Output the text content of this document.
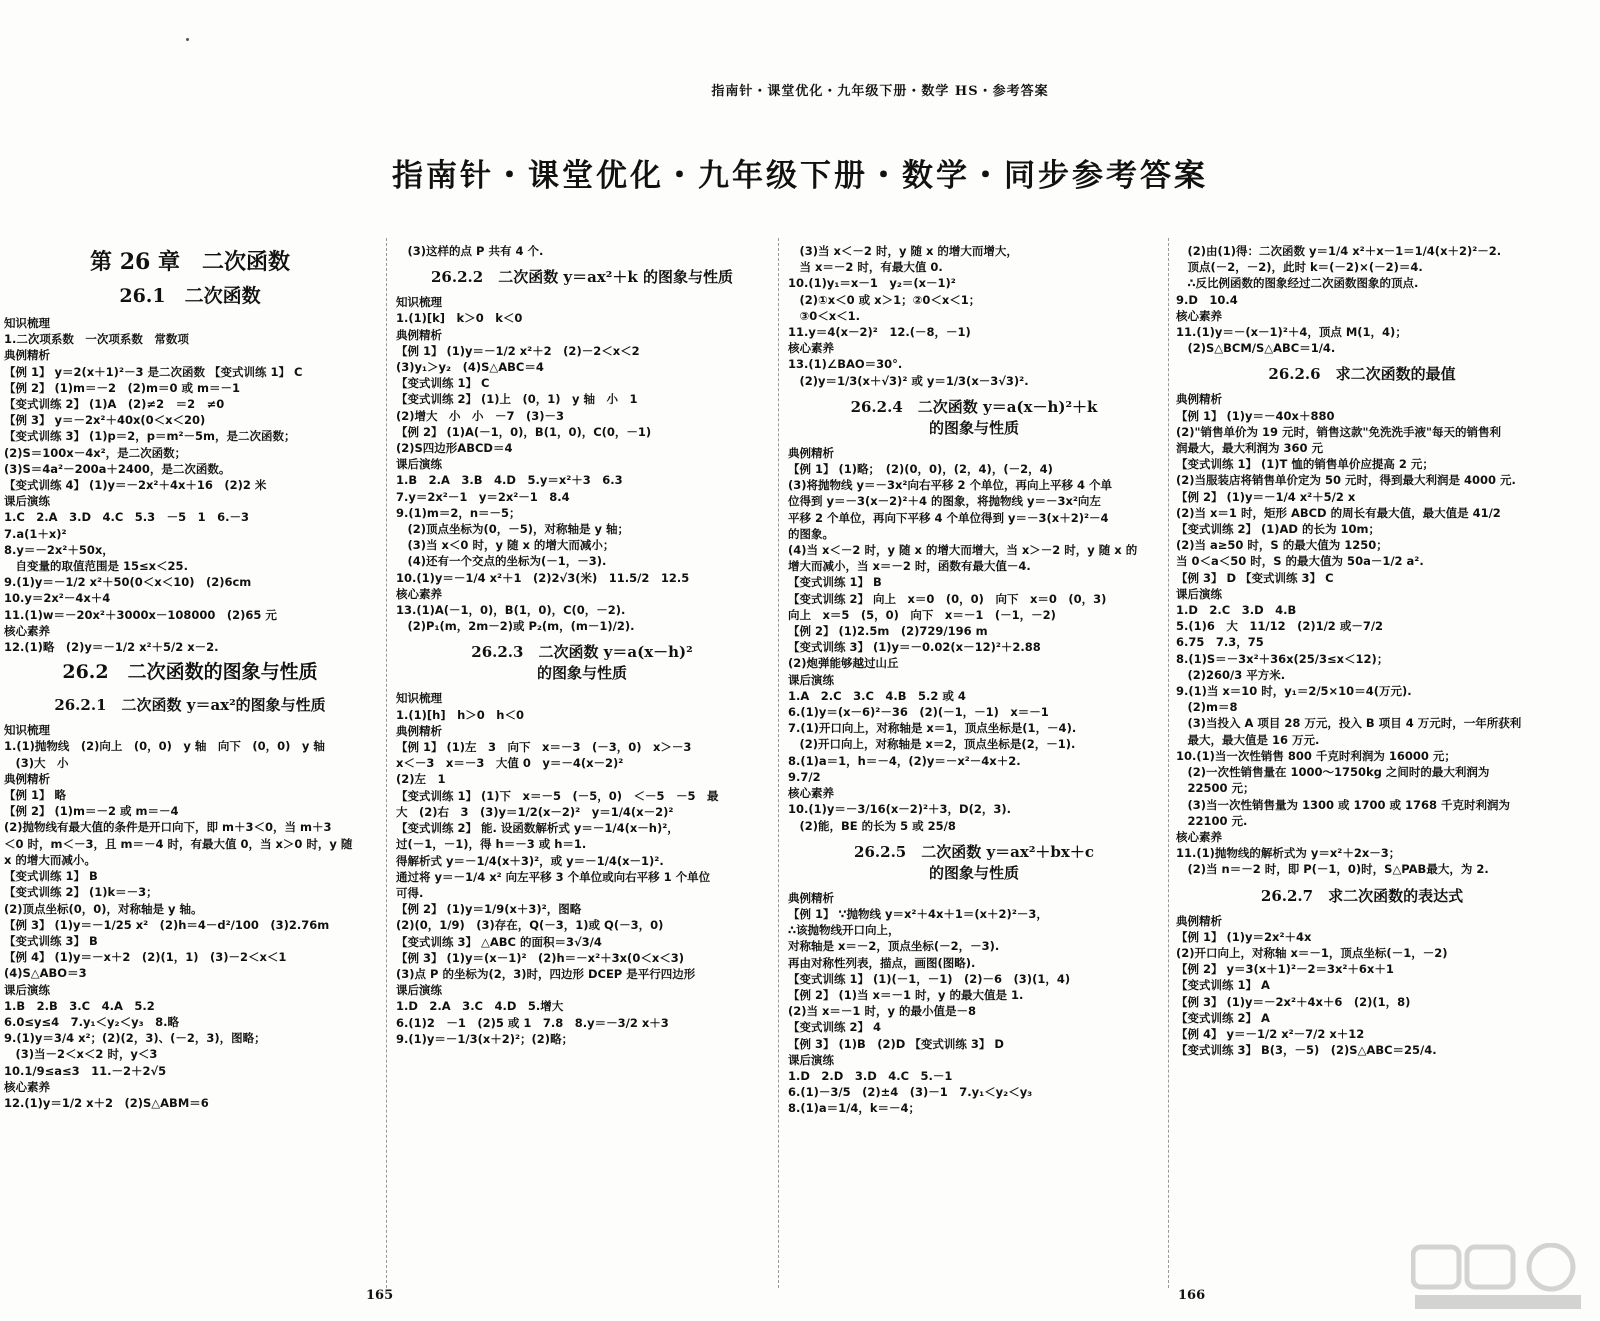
指南针・课堂优化・九年级下册・数学 HS・参考答案
指南针・课堂优化・九年级下册・数学・同步参考答案
第 26 章　二次函数
26.1　二次函数
知识梳理
1.二次项系数　一次项系数　常数项
典例精析
【例 1】 y＝2(x＋1)²－3 是二次函数 【变式训练 1】 C
【例 2】 (1)m＝－2　(2)m＝0 或 m＝－1
【变式训练 2】 (1)A　(2)≠2　＝2　≠0
【例 3】 y＝－2x²＋40x(0＜x＜20)
【变式训练 3】 (1)p＝2，p＝m²－5m，是二次函数；
(2)S＝100x－4x²，是二次函数；
(3)S＝4a²－200a＋2400，是二次函数。
【变式训练 4】 (1)y＝－2x²＋4x＋16　(2)2 米
课后演练
1.C　2.A　3.D　4.C　5.3　－5　1　6.－3
7.a(1＋x)²
8.y＝－2x²＋50x，
　自变量的取值范围是 15≤x＜25.
9.(1)y＝－1/2 x²＋50(0＜x＜10)　(2)6cm
10.y＝2x²－4x＋4
11.(1)w＝－20x²＋3000x－108000　(2)65 元
核心素养
12.(1)略　(2)y＝－1/2 x²＋5/2 x－2.
26.2　二次函数的图象与性质
26.2.1　二次函数 y＝ax²的图象与性质
知识梳理
1.(1)抛物线　(2)向上　(0，0)　y 轴　向下　(0，0)　y 轴
　(3)大　小
典例精析
【例 1】 略
【例 2】 (1)m＝－2 或 m＝－4
(2)抛物线有最大值的条件是开口向下，即 m＋3＜0，当 m＋3
＜0 时，m＜－3，且 m＝－4 时，有最大值 0，当 x＞0 时，y 随
x 的增大而减小。
【变式训练 1】 B
【变式训练 2】 (1)k＝－3；
(2)顶点坐标(0，0)，对称轴是 y 轴。
【例 3】 (1)y＝－1/25 x²　(2)h＝4－d²/100　(3)2.76m
【变式训练 3】 B
【例 4】 (1)y＝－x＋2　(2)(1，1)　(3)－2＜x＜1
(4)S△ABO＝3
课后演练
1.B　2.B　3.C　4.A　5.2
6.0≤y≤4　7.y₁＜y₂＜y₃　8.略
9.(1)y＝3/4 x²；(2)(2，3)、(－2，3)，图略；
　(3)当－2＜x＜2 时，y＜3
10.1/9≤a≤3　11.－2＋2√5
核心素养
12.(1)y＝1/2 x＋2　(2)S△ABM＝6
　(3)这样的点 P 共有 4 个.
26.2.2　二次函数 y＝ax²＋k 的图象与性质
知识梳理
1.(1)[k]　k＞0　k＜0
典例精析
【例 1】 (1)y＝－1/2 x²＋2　(2)－2＜x＜2
(3)y₁＞y₂　(4)S△ABC＝4
【变式训练 1】 C
【变式训练 2】 (1)上　(0，1)　y 轴　小　1
(2)增大　小　小　－7　(3)－3
【例 2】 (1)A(－1，0)，B(1，0)，C(0，－1)
(2)S四边形ABCD＝4
课后演练
1.B　2.A　3.B　4.D　5.y＝x²＋3　6.3
7.y＝2x²－1　y＝2x²－1　8.4
9.(1)m＝2，n＝－5；
　(2)顶点坐标为(0，－5)，对称轴是 y 轴；
　(3)当 x＜0 时，y 随 x 的增大而减小；
　(4)还有一个交点的坐标为(－1，－3).
10.(1)y＝－1/4 x²＋1　(2)2√3(米)　11.5/2　12.5
核心素养
13.(1)A(－1，0)，B(1，0)，C(0，－2).
　(2)P₁(m，2m－2)或 P₂(m，(m－1)/2).
26.2.3　二次函数 y＝a(x－h)²
的图象与性质
知识梳理
1.(1)[h]　h＞0　h＜0
典例精析
【例 1】 (1)左　3　向下　x＝－3　(－3，0)　x＞－3
x＜－3　x＝－3　大值 0　y＝－4(x－2)²
(2)左　1
【变式训练 1】 (1)下　x＝－5　(－5，0)　＜－5　－5　最
大　(2)右　3　(3)y＝1/2(x－2)²　y＝1/4(x－2)²
【变式训练 2】 能. 设函数解析式 y＝－1/4(x－h)²，
过(－1，－1)，得 h＝－3 或 h＝1.
得解析式 y＝－1/4(x＋3)²，或 y＝－1/4(x－1)².
通过将 y＝－1/4 x² 向左平移 3 个单位或向右平移 1 个单位
可得.
【例 2】 (1)y＝1/9(x＋3)²，图略
(2)(0，1/9)　(3)存在，Q(－3，1)或 Q(－3，0)
【变式训练 3】 △ABC 的面积＝3√3/4
【例 3】 (1)y＝(x－1)²　(2)h＝－x²＋3x(0＜x＜3)
(3)点 P 的坐标为(2，3)时，四边形 DCEP 是平行四边形
课后演练
1.D　2.A　3.C　4.D　5.增大
6.(1)2　－1　(2)5 或 1　7.8　8.y＝－3/2 x＋3
9.(1)y＝－1/3(x＋2)²；(2)略；
　(3)当 x＜－2 时，y 随 x 的增大而增大，
　当 x＝－2 时，有最大值 0.
10.(1)y₁＝x－1　y₂＝(x－1)²
　(2)①x＜0 或 x＞1；②0＜x＜1；
　③0＜x＜1.
11.y＝4(x－2)²　12.(－8，－1)
核心素养
13.(1)∠BAO＝30°.
　(2)y＝1/3(x＋√3)² 或 y＝1/3(x－3√3)².
26.2.4　二次函数 y＝a(x－h)²＋k
的图象与性质
典例精析
【例 1】 (1)略；　(2)(0，0)，(2，4)，(－2，4)
(3)将抛物线 y＝－3x²向右平移 2 个单位，再向上平移 4 个单
位得到 y＝－3(x－2)²＋4 的图象，将抛物线 y＝－3x²向左
平移 2 个单位，再向下平移 4 个单位得到 y＝－3(x＋2)²－4
的图象。
(4)当 x＜－2 时，y 随 x 的增大而增大，当 x＞－2 时，y 随 x 的
增大而减小，当 x＝－2 时，函数有最大值－4.
【变式训练 1】 B
【变式训练 2】 向上　x＝0　(0，0)　向下　x＝0　(0，3)
向上　x＝5　(5，0)　向下　x＝－1　(－1，－2)
【例 2】 (1)2.5m　(2)729/196 m
【变式训练 3】 (1)y＝－0.02(x－12)²＋2.88
(2)炮弹能够越过山丘
课后演练
1.A　2.C　3.C　4.B　5.2 或 4
6.(1)y＝(x－6)²－36　(2)(－1，－1)　x＝－1
7.(1)开口向上，对称轴是 x＝1，顶点坐标是(1，－4).
　(2)开口向上，对称轴是 x＝2，顶点坐标是(2，－1).
8.(1)a＝1，h＝－4，(2)y＝－x²－4x＋2.
9.7/2
核心素养
10.(1)y＝－3/16(x－2)²＋3，D(2，3).
　(2)能，BE 的长为 5 或 25/8
26.2.5　二次函数 y＝ax²＋bx＋c
的图象与性质
典例精析
【例 1】 ∵抛物线 y＝x²＋4x＋1＝(x＋2)²－3，
∴该抛物线开口向上，
对称轴是 x＝－2，顶点坐标(－2，－3).
再由对称性列表，描点，画图(图略).
【变式训练 1】 (1)(－1，－1)　(2)－6　(3)(1，4)
【例 2】 (1)当 x＝－1 时，y 的最大值是 1.
(2)当 x＝－1 时，y 的最小值是－8
【变式训练 2】 4
【例 3】 (1)B　(2)D 【变式训练 3】 D
课后演练
1.D　2.D　3.D　4.C　5.－1
6.(1)－3/5　(2)±4　(3)－1　7.y₁＜y₂＜y₃
8.(1)a＝1/4，k＝－4；
　(2)由(1)得：二次函数 y＝1/4 x²＋x－1＝1/4(x＋2)²－2.
　顶点(－2，－2)，此时 k＝(－2)×(－2)＝4.
　∴反比例函数的图象经过二次函数图象的顶点.
9.D　10.4
核心素养
11.(1)y＝－(x－1)²＋4，顶点 M(1，4)；
　(2)S△BCM/S△ABC＝1/4.
26.2.6　求二次函数的最值
典例精析
【例 1】 (1)y＝－40x＋880
(2)"销售单价为 19 元时，销售这款"免洗洗手液"每天的销售利
润最大，最大利润为 360 元
【变式训练 1】 (1)T 恤的销售单价应提高 2 元；
(2)当服装店将销售单价定为 50 元时，得到最大利润是 4000 元.
【例 2】 (1)y＝－1/4 x²＋5/2 x
(2)当 x＝1 时，矩形 ABCD 的周长有最大值，最大值是 41/2
【变式训练 2】 (1)AD 的长为 10m；
(2)当 a≥50 时，S 的最大值为 1250；
当 0＜a＜50 时，S 的最大值为 50a－1/2 a².
【例 3】 D 【变式训练 3】 C
课后演练
1.D　2.C　3.D　4.B
5.(1)6　大　11/12　(2)1/2 或－7/2
6.75　7.3，75
8.(1)S＝－3x²＋36x(25/3≤x＜12)；
　(2)260/3 平方米.
9.(1)当 x＝10 时，y₁＝2/5×10＝4(万元).
　(2)m＝8
　(3)当投入 A 项目 28 万元，投入 B 项目 4 万元时，一年所获利
　最大，最大值是 16 万元.
10.(1)当一次性销售 800 千克时利润为 16000 元；
　(2)一次性销售量在 1000～1750kg 之间时的最大利润为
　22500 元；
　(3)当一次性销售量为 1300 或 1700 或 1768 千克时利润为
　22100 元.
核心素养
11.(1)抛物线的解析式为 y＝x²＋2x－3；
　(2)当 n＝－2 时，即 P(－1，0)时，S△PAB最大，为 2.
26.2.7　求二次函数的表达式
典例精析
【例 1】 (1)y＝2x²＋4x
(2)开口向上，对称轴 x＝－1，顶点坐标(－1，－2)
【例 2】 y＝3(x＋1)²－2＝3x²＋6x＋1
【变式训练 1】 A
【例 3】 (1)y＝－2x²＋4x＋6　(2)(1，8)
【变式训练 2】 A
【例 4】 y＝－1/2 x²－7/2 x＋12
【变式训练 3】 B(3，－5)　(2)S△ABC＝25/4.
165	166
